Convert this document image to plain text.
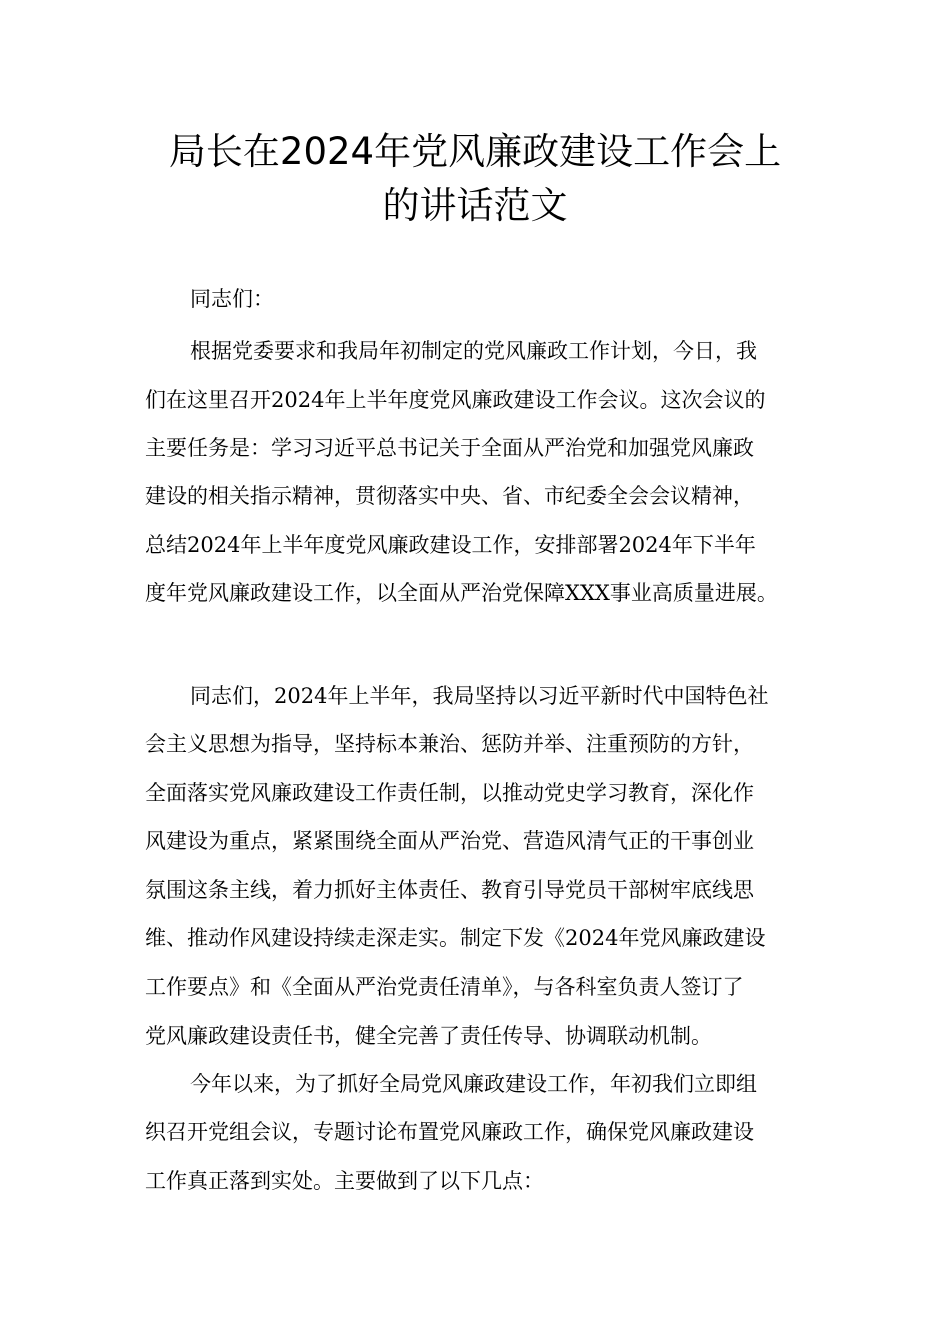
局长在2024年党风廉政建设工作会上
的讲话范文

同志们：

根据党委要求和我局年初制定的党风廉政工作计划，今日，我

们在这里召开2024年上半年度党风廉政建设工作会议。这次会议的

主要任务是：学习习近平总书记关于全面从严治党和加强党风廉政

建设的相关指示精神，贯彻落实中央、省、市纪委全会会议精神，

总结2024年上半年度党风廉政建设工作，安排部署2024年下半年

度年党风廉政建设工作，以全面从严治党保障XXX事业高质量进展。

同志们，2024年上半年，我局坚持以习近平新时代中国特色社

会主义思想为指导，坚持标本兼治、惩防并举、注重预防的方针，

全面落实党风廉政建设工作责任制，以推动党史学习教育，深化作

风建设为重点，紧紧围绕全面从严治党、营造风清气正的干事创业

氛围这条主线，着力抓好主体责任、教育引导党员干部树牢底线思

维、推动作风建设持续走深走实。制定下发《2024年党风廉政建设

工作要点》和《全面从严治党责任清单》，与各科室负责人签订了

党风廉政建设责任书，健全完善了责任传导、协调联动机制。

今年以来，为了抓好全局党风廉政建设工作，年初我们立即组

织召开党组会议，专题讨论布置党风廉政工作，确保党风廉政建设

工作真正落到实处。主要做到了以下几点：
